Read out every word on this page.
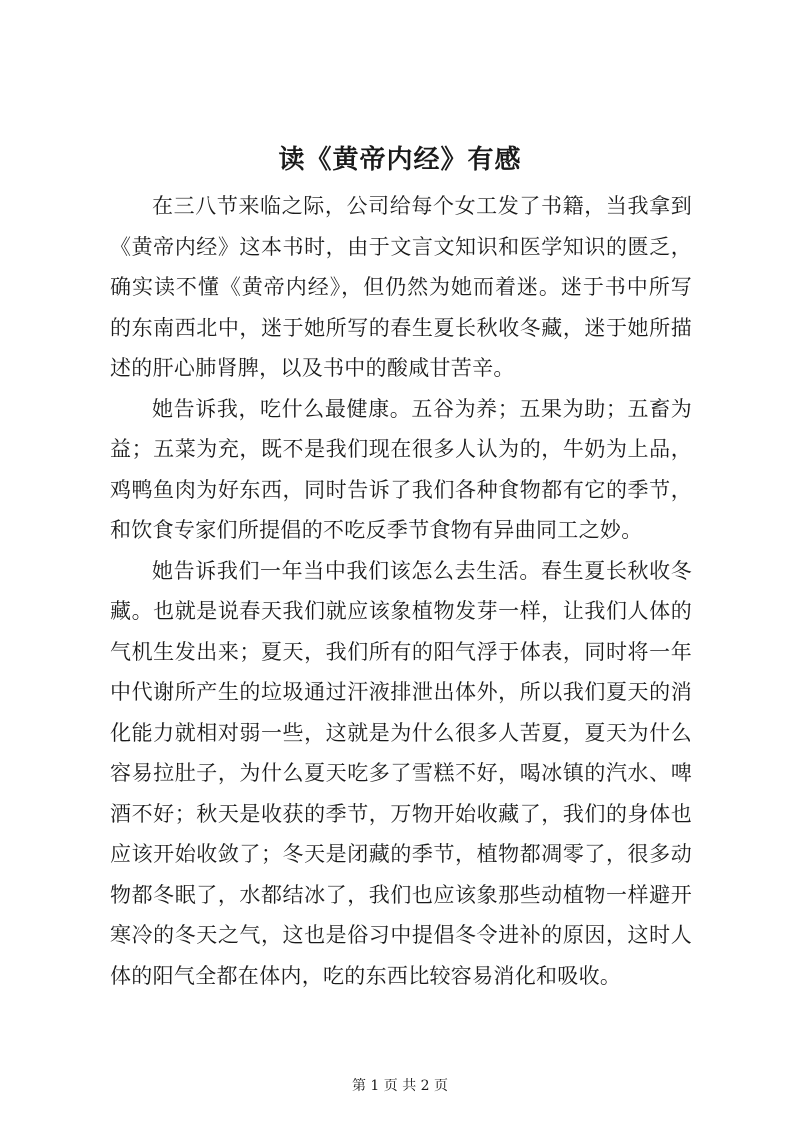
读《黄帝内经》有感

在三八节来临之际，公司给每个女工发了书籍，当我拿到《黄帝内经》这本书时，由于文言文知识和医学知识的匮乏，确实读不懂《黄帝内经》，但仍然为她而着迷。迷于书中所写的东南西北中，迷于她所写的春生夏长秋收冬藏，迷于她所描述的肝心肺肾脾，以及书中的酸咸甘苦辛。

她告诉我，吃什么最健康。五谷为养；五果为助；五畜为益；五菜为充，既不是我们现在很多人认为的，牛奶为上品，鸡鸭鱼肉为好东西，同时告诉了我们各种食物都有它的季节，和饮食专家们所提倡的不吃反季节食物有异曲同工之妙。

她告诉我们一年当中我们该怎么去生活。春生夏长秋收冬藏。也就是说春天我们就应该象植物发芽一样，让我们人体的气机生发出来；夏天，我们所有的阳气浮于体表，同时将一年中代谢所产生的垃圾通过汗液排泄出体外，所以我们夏天的消化能力就相对弱一些，这就是为什么很多人苦夏，夏天为什么容易拉肚子，为什么夏天吃多了雪糕不好，喝冰镇的汽水、啤酒不好；秋天是收获的季节，万物开始收藏了，我们的身体也应该开始收敛了；冬天是闭藏的季节，植物都凋零了，很多动物都冬眠了，水都结冰了，我们也应该象那些动植物一样避开寒冷的冬天之气，这也是俗习中提倡冬令进补的原因，这时人体的阳气全都在体内，吃的东西比较容易消化和吸收。

第 1 页 共 2 页
